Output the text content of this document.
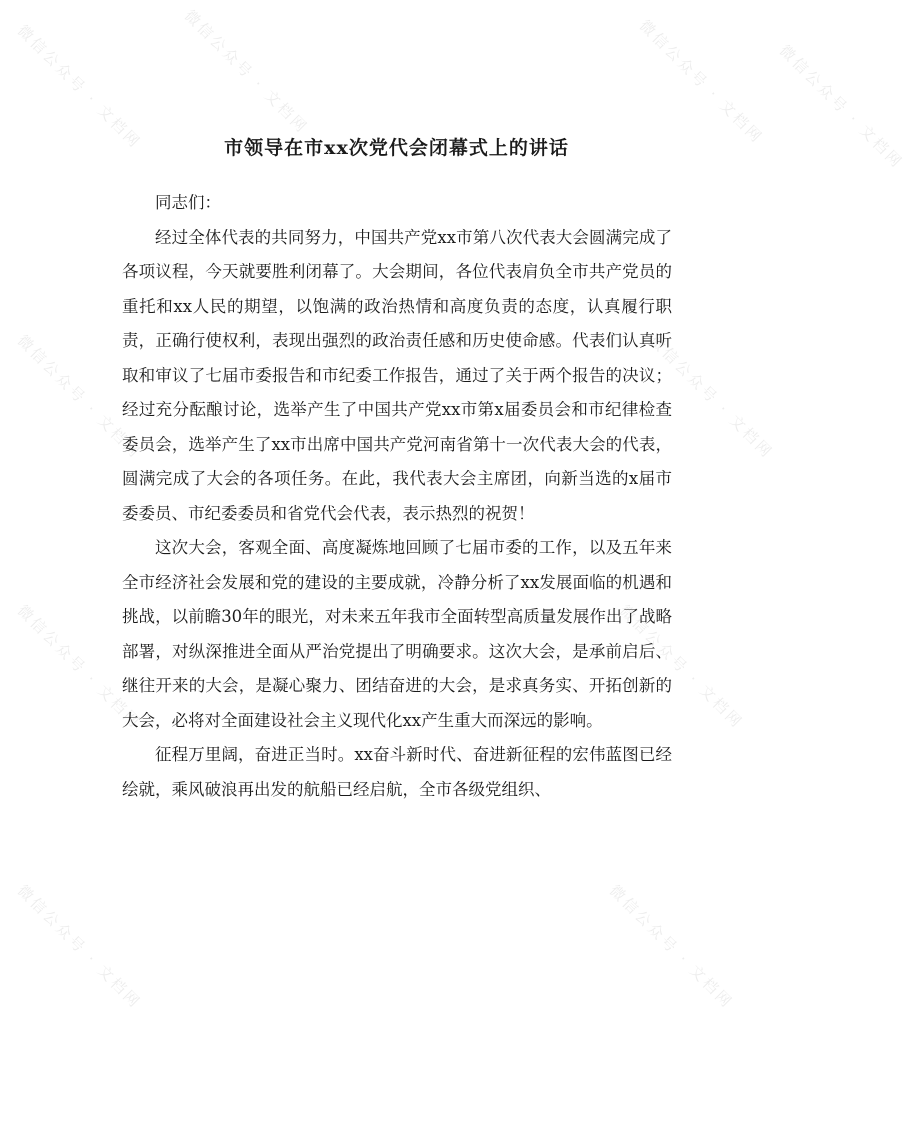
微信公众号 · 文档网	微信公众号 · 文档网 微信公众号 · 文档网
微信公众号 · 文档网
微信公众号 · 文档网	微信公众号 · 文档网
微信公众号 · 文档网	微信公众号 · 文档网
微信公众号 · 文档网	微信公众号 · 文档网
市领导在市xx次党代会闭幕式上的讲话

同志们：

经过全体代表的共同努力，中国共产党xx市第八次代表大会圆满完成了各项议程，今天就要胜利闭幕了。大会期间，各位代表肩负全市共产党员的重托和xx人民的期望，以饱满的政治热情和高度负责的态度，认真履行职责，正确行使权利，表现出强烈的政治责任感和历史使命感。代表们认真听取和审议了七届市委报告和市纪委工作报告，通过了关于两个报告的决议；经过充分酝酿讨论，选举产生了中国共产党xx市第x届委员会和市纪律检查委员会，选举产生了xx市出席中国共产党河南省第十一次代表大会的代表，圆满完成了大会的各项任务。在此，我代表大会主席团，向新当选的x届市委委员、市纪委委员和省党代会代表，表示热烈的祝贺！

这次大会，客观全面、高度凝炼地回顾了七届市委的工作，以及五年来全市经济社会发展和党的建设的主要成就，冷静分析了xx发展面临的机遇和挑战，以前瞻30年的眼光，对未来五年我市全面转型高质量发展作出了战略部署，对纵深推进全面从严治党提出了明确要求。这次大会，是承前启后、继往开来的大会，是凝心聚力、团结奋进的大会，是求真务实、开拓创新的大会，必将对全面建设社会主义现代化xx产生重大而深远的影响。

征程万里阔，奋进正当时。xx奋斗新时代、奋进新征程的宏伟蓝图已经绘就，乘风破浪再出发的航船已经启航，全市各级党组织、
